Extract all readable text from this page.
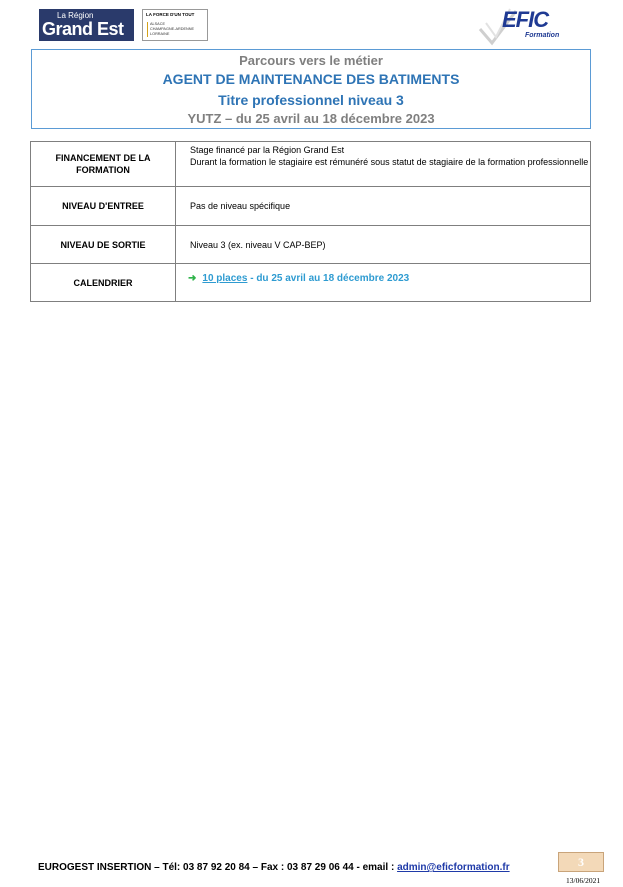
La Région
Grand Est
LA FORCE D'UN TOUT
ALSACE
CHAMPAGNE-ARDENNE
LORRAINE
EFIC
Formation
Parcours vers le métier
AGENT DE MAINTENANCE DES BATIMENTS
Titre professionnel niveau 3
YUTZ – du 25 avril au 18 décembre 2023
FINANCEMENT DE LA FORMATION	Stage financé par la Région Grand Est
Durant la formation le stagiaire est rémunéré sous statut de stagiaire de la formation professionnelle

NIVEAU D'ENTREE	Pas de niveau spécifique
NIVEAU DE SORTIE	Niveau 3 (ex. niveau V CAP-BEP)
CALENDRIER	➜ 10 places - du 25 avril au 18 décembre 2023
EUROGEST INSERTION – Tél: 03 87 92 20 84 – Fax : 03 87 29 06 44 - email : admin@eficformation.fr	3
13/06/2021
